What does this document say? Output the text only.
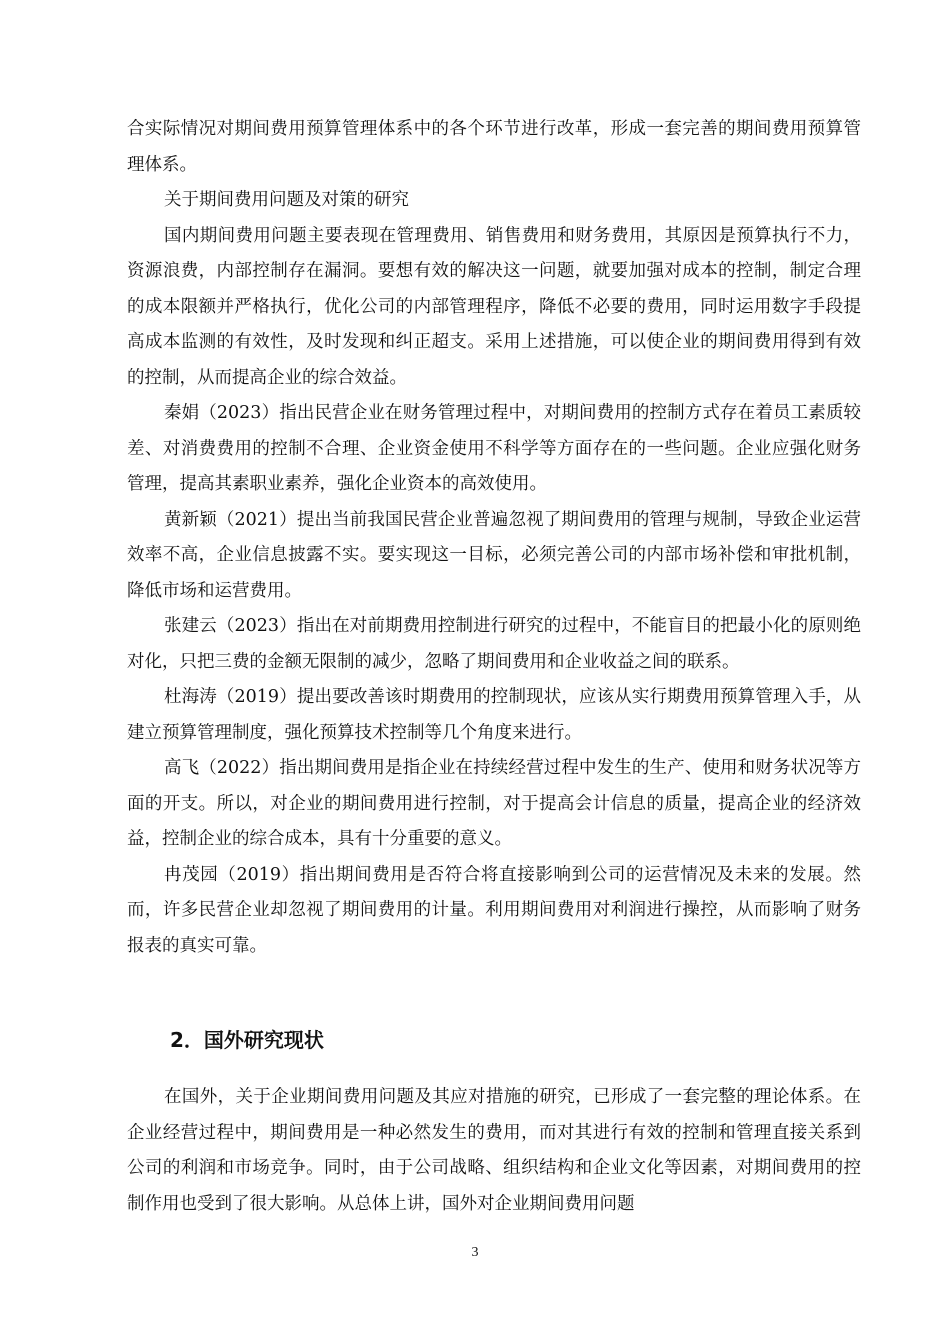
合实际情况对期间费用预算管理体系中的各个环节进行改革，形成一套完善的期间费用预算管理体系。

关于期间费用问题及对策的研究

国内期间费用问题主要表现在管理费用、销售费用和财务费用，其原因是预算执行不力，资源浪费，内部控制存在漏洞。要想有效的解决这一问题，就要加强对成本的控制，制定合理的成本限额并严格执行，优化公司的内部管理程序，降低不必要的费用，同时运用数字手段提高成本监测的有效性，及时发现和纠正超支。采用上述措施，可以使企业的期间费用得到有效的控制，从而提高企业的综合效益。

秦娟（2023）指出民营企业在财务管理过程中，对期间费用的控制方式存在着员工素质较差、对消费费用的控制不合理、企业资金使用不科学等方面存在的一些问题。企业应强化财务管理，提高其素职业素养，强化企业资本的高效使用。

黄新颖（2021）提出当前我国民营企业普遍忽视了期间费用的管理与规制，导致企业运营效率不高，企业信息披露不实。要实现这一目标，必须完善公司的内部市场补偿和审批机制，降低市场和运营费用。

张建云（2023）指出在对前期费用控制进行研究的过程中，不能盲目的把最小化的原则绝对化，只把三费的金额无限制的减少，忽略了期间费用和企业收益之间的联系。

杜海涛（2019）提出要改善该时期费用的控制现状，应该从实行期费用预算管理入手，从建立预算管理制度，强化预算技术控制等几个角度来进行。

高飞（2022）指出期间费用是指企业在持续经营过程中发生的生产、使用和财务状况等方面的开支。所以，对企业的期间费用进行控制，对于提高会计信息的质量，提高企业的经济效益，控制企业的综合成本，具有十分重要的意义。

冉茂园（2019）指出期间费用是否符合将直接影响到公司的运营情况及未来的发展。然而，许多民营企业却忽视了期间费用的计量。利用期间费用对利润进行操控，从而影响了财务报表的真实可靠。

2．国外研究现状

在国外，关于企业期间费用问题及其应对措施的研究，已形成了一套完整的理论体系。在企业经营过程中，期间费用是一种必然发生的费用，而对其进行有效的控制和管理直接关系到公司的利润和市场竞争。同时，由于公司战略、组织结构和企业文化等因素，对期间费用的控制作用也受到了很大影响。从总体上讲，国外对企业期间费用问题

3
